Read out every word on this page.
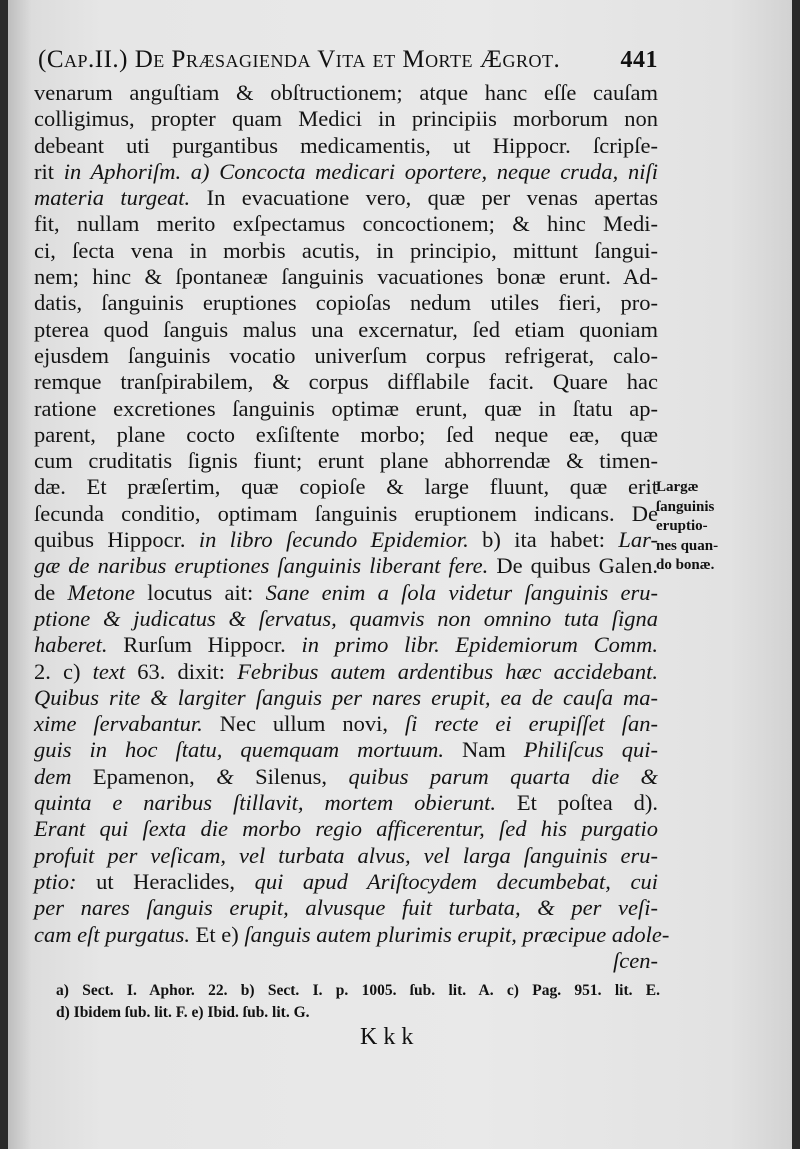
(Cap.II.) De Præsagienda Vita et Morte Ægrot.	441
venarum anguſtiam & obſtructionem; atque hanc eſſe cauſam
colligimus, propter quam Medici in principiis morborum non
debeant uti purgantibus medicamentis, ut Hippocr. ſcripſe-
rit in Aphoriſm. a) Concocta medicari oportere, neque cruda, niſi
materia turgeat. In evacuatione vero, quæ per venas apertas
fit, nullam merito exſpectamus concoctionem; & hinc Medi-
ci, ſecta vena in morbis acutis, in principio, mittunt ſangui-
nem; hinc & ſpontaneæ ſanguinis vacuationes bonæ erunt. Ad-
datis, ſanguinis eruptiones copioſas nedum utiles fieri, pro-
pterea quod ſanguis malus una excernatur, ſed etiam quoniam
ejusdem ſanguinis vocatio univerſum corpus refrigerat, calo-
remque tranſpirabilem, & corpus difflabile facit. Quare hac
ratione excretiones ſanguinis optimæ erunt, quæ in ſtatu ap-
parent, plane cocto exſiſtente morbo; ſed neque eæ, quæ
cum cruditatis ſignis fiunt; erunt plane abhorrendæ & timen-
dæ. Et præſertim, quæ copioſe & large fluunt, quæ erit
ſecunda conditio, optimam ſanguinis eruptionem indicans. De
quibus Hippocr. in libro ſecundo Epidemior. b) ita habet: Lar-
gæ de naribus eruptiones ſanguinis liberant fere. De quibus Galen.
de Metone locutus ait: Sane enim a ſola videtur ſanguinis eru-
ptione & judicatus & ſervatus, quamvis non omnino tuta ſigna
haberet. Rurſum Hippocr. in primo libr. Epidemiorum Comm.
2. c) text 63. dixit: Febribus autem ardentibus hæc accidebant.
Quibus rite & largiter ſanguis per nares erupit, ea de cauſa ma-
xime ſervabantur. Nec ullum novi, ſi recte ei erupiſſet ſan-
guis in hoc ſtatu, quemquam mortuum. Nam Philiſcus qui-
dem Epamenon, & Silenus, quibus parum quarta die &
quinta e naribus ſtillavit, mortem obierunt. Et poſtea d).
Erant qui ſexta die morbo regio afficerentur, ſed his purgatio
profuit per veſicam, vel turbata alvus, vel larga ſanguinis eru-
ptio: ut Heraclides, qui apud Ariſtocydem decumbebat, cui
per nares ſanguis erupit, alvusque fuit turbata, & per veſi-
cam eſt purgatus. Et e) ſanguis autem plurimis erupit, præcipue adole-
ſcen-
Largæ
ſanguinis
eruptio-
nes quan-
do bonæ.
a) Sect. I. Aphor. 22. b) Sect. I. p. 1005. ſub. lit. A. c) Pag. 951. lit. E.
d) Ibidem ſub. lit. F. e) Ibid. ſub. lit. G.
Kkk
